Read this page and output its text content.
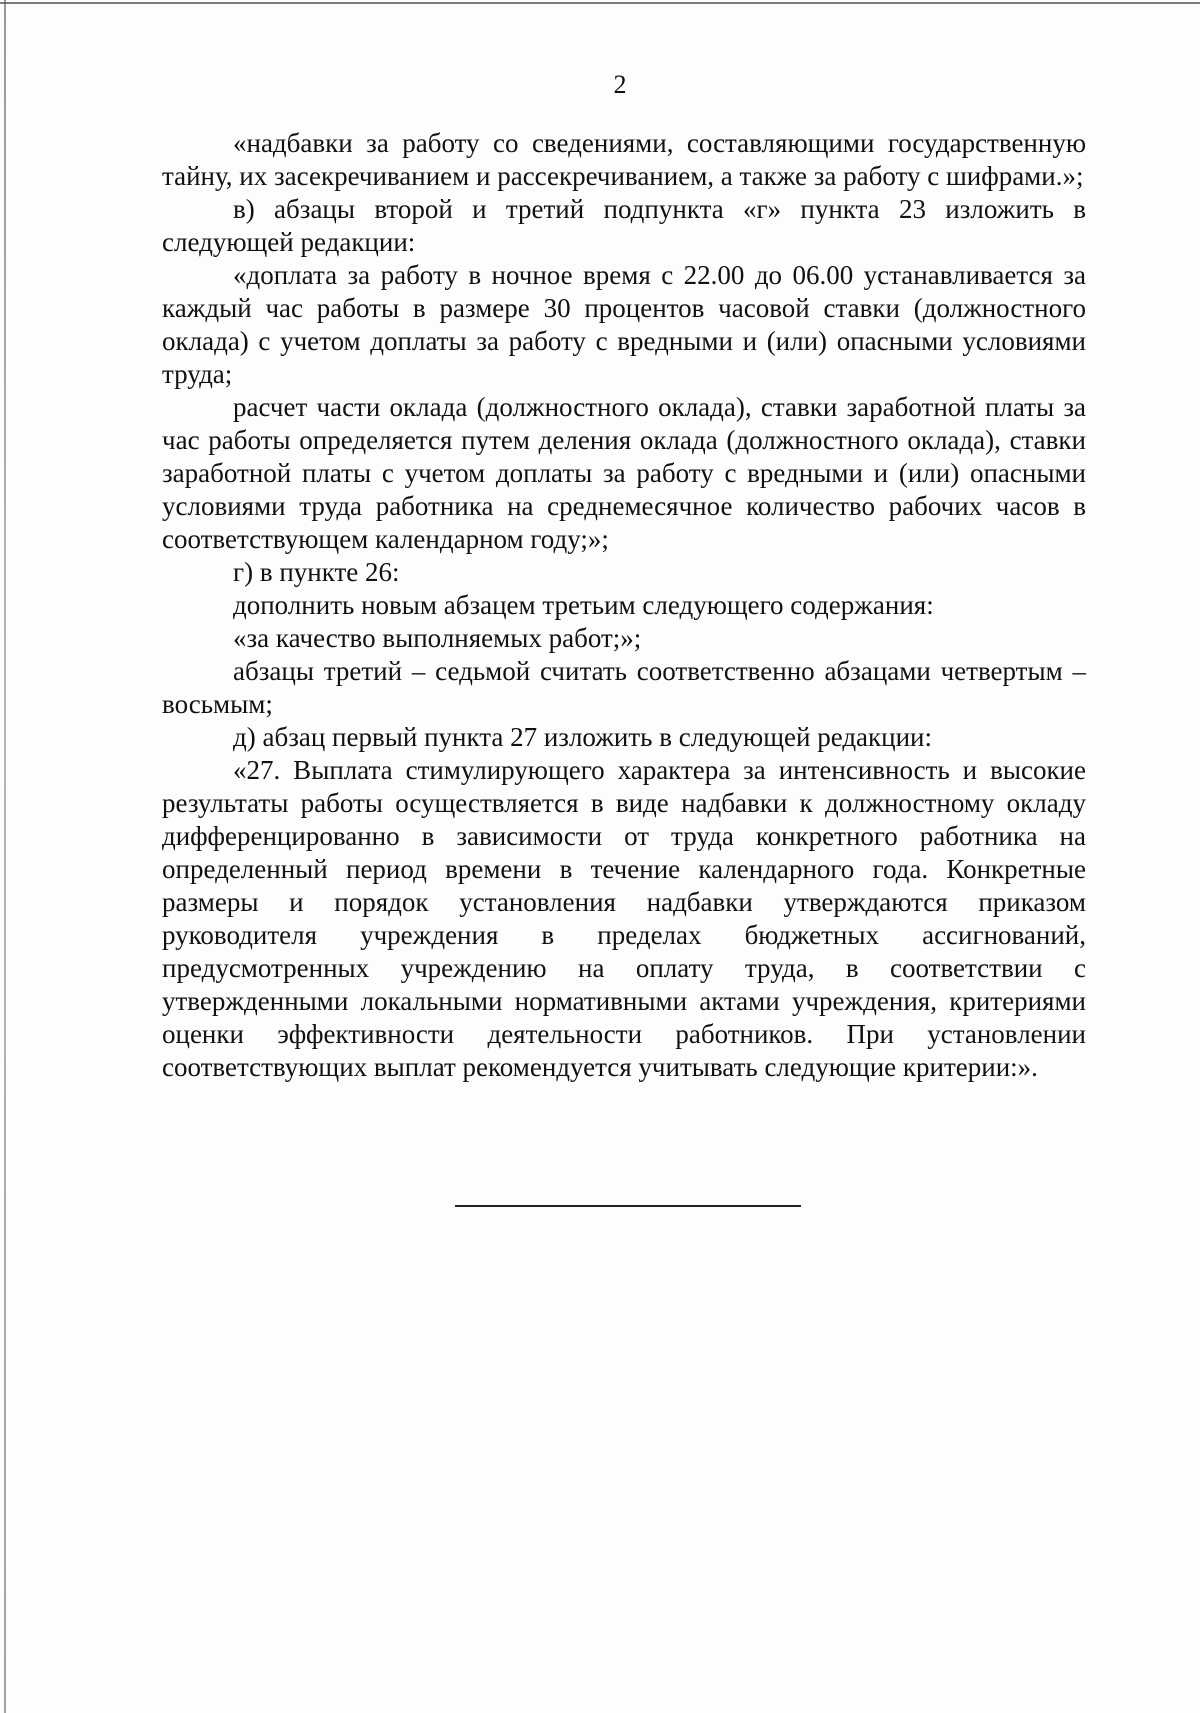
2

«надбавки за работу со сведениями, составляющими государственную тайну, их засекречиванием и рассекречиванием, а также за работу с шифрами.»;

в) абзацы второй и третий подпункта «г» пункта 23 изложить в следующей редакции:

«доплата за работу в ночное время с 22.00 до 06.00 устанавливается за каждый час работы в размере 30 процентов часовой ставки (должностного оклада) с учетом доплаты за работу с вредными и (или) опасными условиями труда;

расчет части оклада (должностного оклада), ставки заработной платы за час работы определяется путем деления оклада (должностного оклада), ставки заработной платы с учетом доплаты за работу с вредными и (или) опасными условиями труда работника на среднемесячное количество рабочих часов в соответствующем календарном году;»;

г) в пункте 26:

дополнить новым абзацем третьим следующего содержания:

«за качество выполняемых работ;»;

абзацы третий – седьмой считать соответственно абзацами четвертым – восьмым;

д) абзац первый пункта 27 изложить в следующей редакции:

«27. Выплата стимулирующего характера за интенсивность и высокие результаты работы осуществляется в виде надбавки к должностному окладу дифференцированно в зависимости от труда конкретного работника на определенный период времени в течение календарного года. Конкретные размеры и порядок установления надбавки утверждаются приказом руководителя учреждения в пределах бюджетных ассигнований, предусмотренных учреждению на оплату труда, в соответствии с утвержденными локальными нормативными актами учреждения, критериями оценки эффективности деятельности работников. При установлении соответствующих выплат рекомендуется учитывать следующие критерии:».
